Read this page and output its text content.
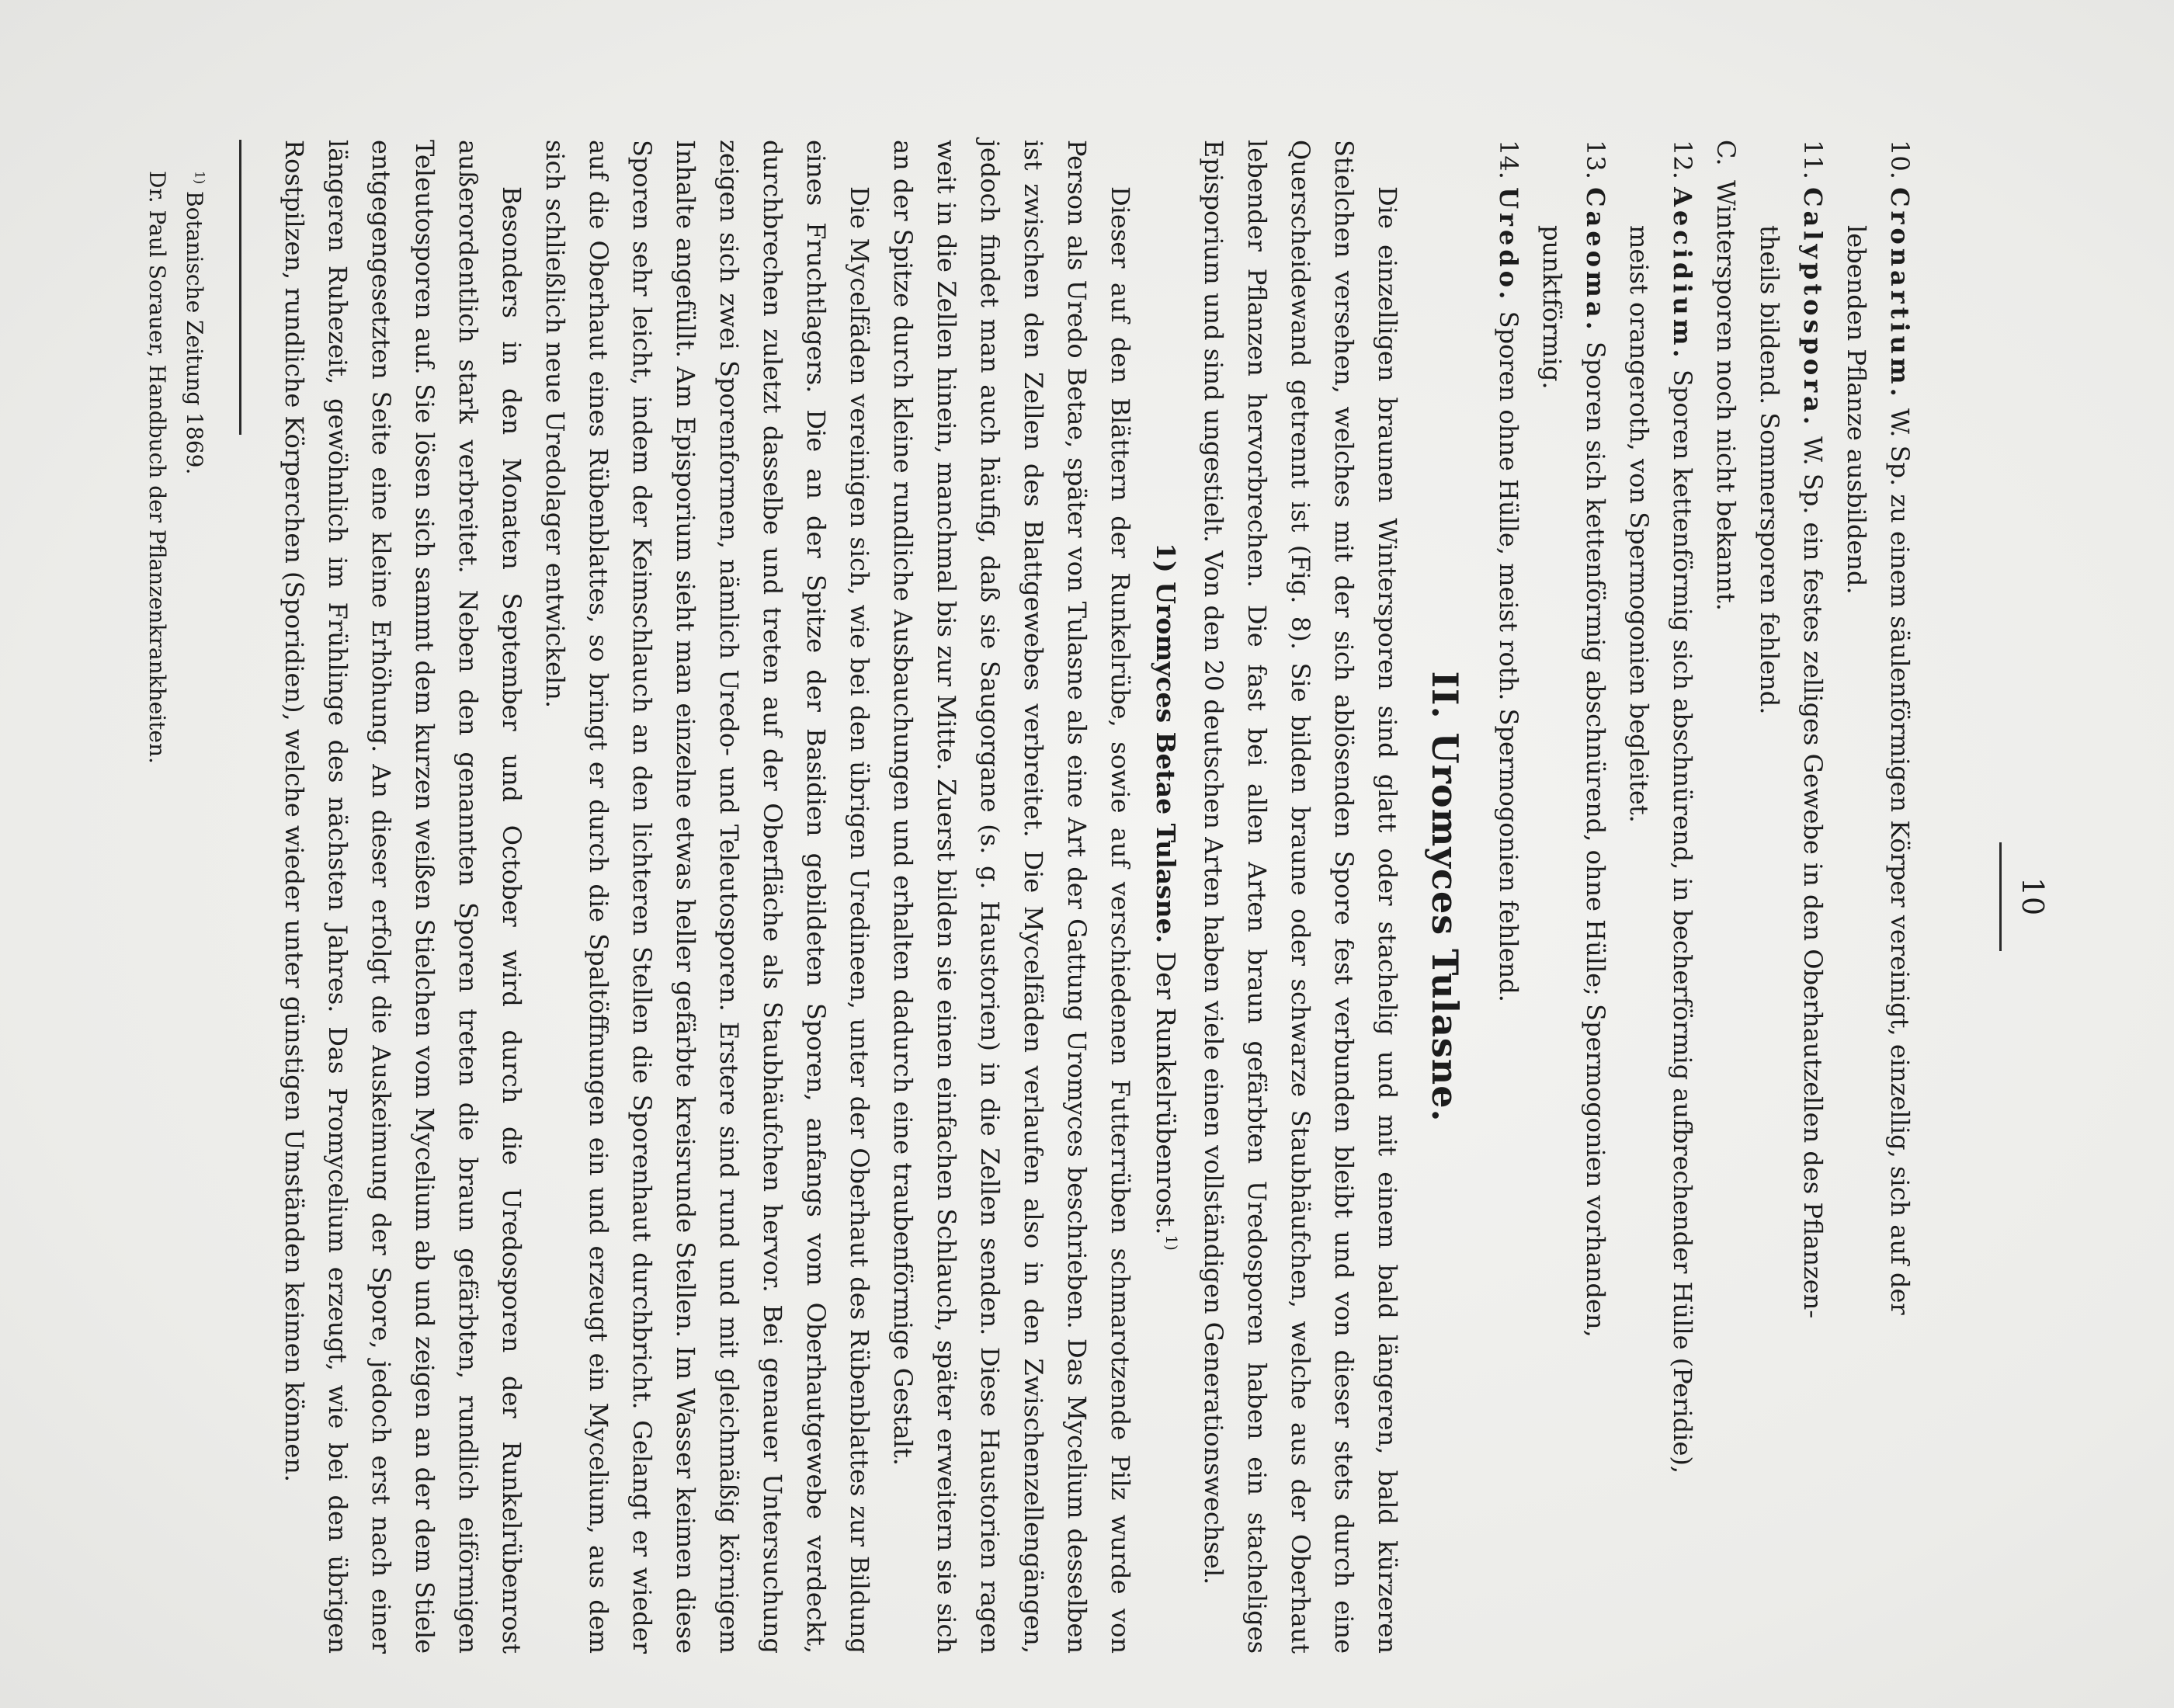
10

10. Cronartium. W. Sp. zu einem säulenförmigen Körper vereinigt, einzellig, sich auf der

lebenden Pflanze ausbildend.

11. Calyptospora. W. Sp. ein festes zelliges Gewebe in den Oberhautzellen des Pflanzen-

theils bildend. Sommersporen fehlend.

C. Wintersporen noch nicht bekannt.

12. Aecidium. Sporen kettenförmig sich abschnürend, in becherförmig aufbrechender Hülle (Peridie),

meist orangeroth, von Spermogonien begleitet.

13. Caeoma. Sporen sich kettenförmig abschnürend, ohne Hülle; Spermogonien vorhanden,

punktförmig.

14. Uredo. Sporen ohne Hülle, meist roth. Spermogonien fehlend.

II. Uromyces Tulasne.

Die einzelligen braunen Wintersporen sind glatt oder stachelig und mit einem bald längeren, bald kürzeren Stielchen versehen, welches mit der sich ablösenden Spore fest verbunden bleibt und von dieser stets durch eine Querscheidewand getrennt ist (Fig. 8). Sie bilden braune oder schwarze Staubhäufchen, welche aus der Oberhaut lebender Pflanzen hervorbrechen. Die fast bei allen Arten braun gefärbten Uredosporen haben ein stacheliges Episporium und sind ungestielt. Von den 20 deutschen Arten haben viele einen vollständigen Generationswechsel.

1) Uromyces Betae Tulasne. Der Runkelrübenrost.$^{1)}$

Dieser auf den Blättern der Runkelrübe, sowie auf verschiedenen Futterrüben schmarotzende Pilz wurde von Person als Uredo Betae, später von Tulasne als eine Art der Gattung Uromyces beschrieben. Das Mycelium desselben ist zwischen den Zellen des Blattgewebes verbreitet. Die Mycelfäden verlaufen also in den Zwischenzellengängen, jedoch findet man auch häufig, daß sie Saugorgane (s. g. Haustorien) in die Zellen senden. Diese Haustorien ragen weit in die Zellen hinein, manchmal bis zur Mitte. Zuerst bilden sie einen einfachen Schlauch, später erweitern sie sich an der Spitze durch kleine rundliche Ausbauchungen und erhalten dadurch eine traubenförmige Gestalt.

Die Mycelfäden vereinigen sich, wie bei den übrigen Uredineen, unter der Oberhaut des Rübenblattes zur Bildung eines Fruchtlagers. Die an der Spitze der Basidien gebildeten Sporen, anfangs vom Oberhautgewebe verdeckt, durchbrechen zuletzt dasselbe und treten auf der Oberfläche als Staubhäufchen hervor. Bei genauer Untersuchung zeigen sich zwei Sporenformen, nämlich Uredo- und Teleutosporen. Erstere sind rund und mit gleichmäßig körnigem Inhalte angefüllt. Am Episporium sieht man einzelne etwas heller gefärbte kreisrunde Stellen. Im Wasser keimen diese Sporen sehr leicht, indem der Keimschlauch an den lichteren Stellen die Sporenhaut durchbricht. Gelangt er wieder auf die Oberhaut eines Rübenblattes, so bringt er durch die Spaltöffnungen ein und erzeugt ein Mycelium, aus dem sich schließlich neue Uredolager entwickeln.

Besonders in den Monaten September und October wird durch die Uredosporen der Runkelrübenrost außerordentlich stark verbreitet. Neben den genannten Sporen treten die braun gefärbten, rundlich eiförmigen Teleutosporen auf. Sie lösen sich sammt dem kurzen weißen Stielchen vom Mycelium ab und zeigen an der dem Stiele entgegengesetzten Seite eine kleine Erhöhung. An dieser erfolgt die Auskeimung der Spore, jedoch erst nach einer längeren Ruhezeit, gewöhnlich im Frühlinge des nächsten Jahres. Das Promycelium erzeugt, wie bei den übrigen Rostpilzen, rundliche Körperchen (Sporidien), welche wieder unter günstigen Umständen keimen können.

$^{1)}$ Botanische Zeitung 1869.

Dr. Paul Sorauer, Handbuch der Pflanzenkrankheiten.
